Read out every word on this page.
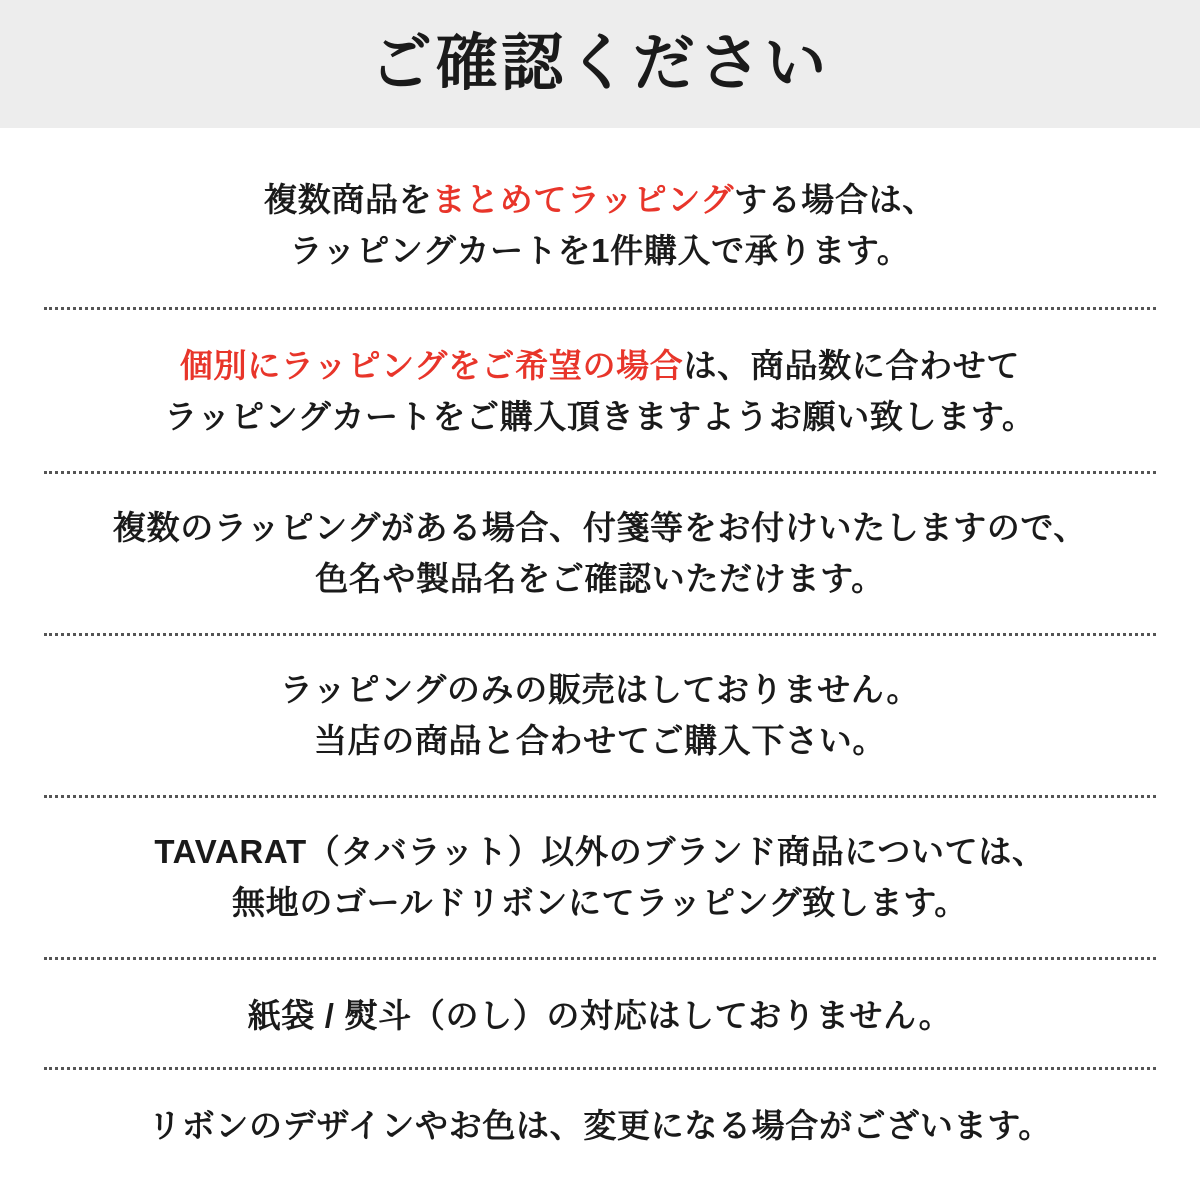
ご確認ください
複数商品をまとめてラッピングする場合は、
ラッピングカートを1件購入で承ります。
個別にラッピングをご希望の場合は、商品数に合わせて
ラッピングカートをご購入頂きますようお願い致します。
複数のラッピングがある場合、付箋等をお付けいたしますので、
色名や製品名をご確認いただけます。
ラッピングのみの販売はしておりません。
当店の商品と合わせてご購入下さい。
TAVARAT（タバラット）以外のブランド商品については、
無地のゴールドリボンにてラッピング致します。
紙袋 / 熨斗（のし）の対応はしておりません。
リボンのデザインやお色は、変更になる場合がございます。
